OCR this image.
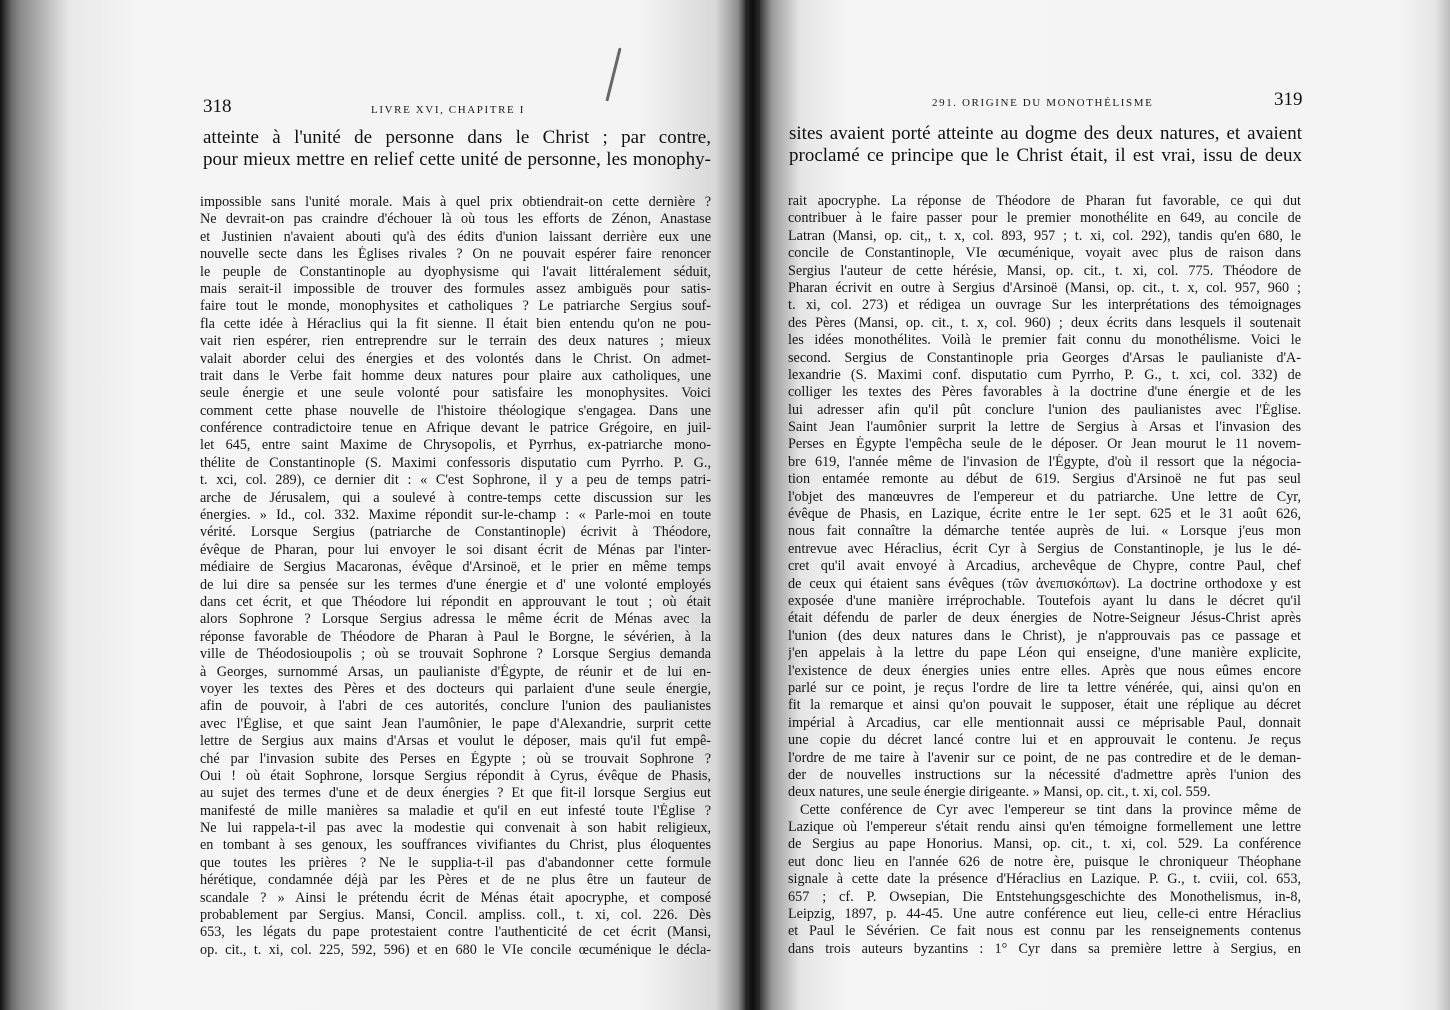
318	LIVRE XVI, CHAPITRE I
atteinte à l'unité de personne dans le Christ ; par contre,
pour mieux mettre en relief cette unité de personne, les monophy-
impossible sans l'unité morale. Mais à quel prix obtiendrait-on cette dernière ?
Ne devrait-on pas craindre d'échouer là où tous les efforts de Zénon, Anastase
et Justinien n'avaient abouti qu'à des édits d'union laissant derrière eux une
nouvelle secte dans les Églises rivales ? On ne pouvait espérer faire renoncer
le peuple de Constantinople au dyophysisme qui l'avait littéralement séduit,
mais serait-il impossible de trouver des formules assez ambiguës pour satis-
faire tout le monde, monophysites et catholiques ? Le patriarche Sergius souf-
fla cette idée à Héraclius qui la fit sienne. Il était bien entendu qu'on ne pou-
vait rien espérer, rien entreprendre sur le terrain des deux natures ; mieux
valait aborder celui des énergies et des volontés dans le Christ. On admet-
trait dans le Verbe fait homme deux natures pour plaire aux catholiques, une
seule énergie et une seule volonté pour satisfaire les monophysites. Voici
comment cette phase nouvelle de l'histoire théologique s'engagea. Dans une
conférence contradictoire tenue en Afrique devant le patrice Grégoire, en juil-
let 645, entre saint Maxime de Chrysopolis, et Pyrrhus, ex-patriarche mono-
thélite de Constantinople (S. Maximi confessoris disputatio cum Pyrrho. P. G.,
t. xci, col. 289), ce dernier dit : « C'est Sophrone, il y a peu de temps patri-
arche de Jérusalem, qui a soulevé à contre-temps cette discussion sur les
énergies. » Id., col. 332. Maxime répondit sur-le-champ : « Parle-moi en toute
vérité. Lorsque Sergius (patriarche de Constantinople) écrivit à Théodore,
évêque de Pharan, pour lui envoyer le soi disant écrit de Ménas par l'inter-
médiaire de Sergius Macaronas, évêque d'Arsinoë, et le prier en même temps
de lui dire sa pensée sur les termes d'une énergie et d' une volonté employés
dans cet écrit, et que Théodore lui répondit en approuvant le tout ; où était
alors Sophrone ? Lorsque Sergius adressa le même écrit de Ménas avec la
réponse favorable de Théodore de Pharan à Paul le Borgne, le sévérien, à la
ville de Théodosioupolis ; où se trouvait Sophrone ? Lorsque Sergius demanda
à Georges, surnommé Arsas, un paulianiste d'Égypte, de réunir et de lui en-
voyer les textes des Pères et des docteurs qui parlaient d'une seule énergie,
afin de pouvoir, à l'abri de ces autorités, conclure l'union des paulianistes
avec l'Église, et que saint Jean l'aumônier, le pape d'Alexandrie, surprit cette
lettre de Sergius aux mains d'Arsas et voulut le déposer, mais qu'il fut empê-
ché par l'invasion subite des Perses en Égypte ; où se trouvait Sophrone ?
Oui ! où était Sophrone, lorsque Sergius répondit à Cyrus, évêque de Phasis,
au sujet des termes d'une et de deux énergies ? Et que fit-il lorsque Sergius eut
manifesté de mille manières sa maladie et qu'il en eut infesté toute l'Église ?
Ne lui rappela-t-il pas avec la modestie qui convenait à son habit religieux,
en tombant à ses genoux, les souffrances vivifiantes du Christ, plus éloquentes
que toutes les prières ? Ne le supplia-t-il pas d'abandonner cette formule
hérétique, condamnée déjà par les Pères et de ne plus être un fauteur de
scandale ? » Ainsi le prétendu écrit de Ménas était apocryphe, et composé
probablement par Sergius. Mansi, Concil. ampliss. coll., t. xi, col. 226. Dès
653, les légats du pape protestaient contre l'authenticité de cet écrit (Mansi,
op. cit., t. xi, col. 225, 592, 596) et en 680 le VIe concile œcuménique le décla-
291. ORIGINE DU MONOTHÉLISME	319
sites avaient porté atteinte au dogme des deux natures, et avaient
proclamé ce principe que le Christ était, il est vrai, issu de deux
rait apocryphe. La réponse de Théodore de Pharan fut favorable, ce qui dut
contribuer à le faire passer pour le premier monothélite en 649, au concile de
Latran (Mansi, op. cit,, t. x, col. 893, 957 ; t. xi, col. 292), tandis qu'en 680, le
concile de Constantinople, VIe œcuménique, voyait avec plus de raison dans
Sergius l'auteur de cette hérésie, Mansi, op. cit., t. xi, col. 775. Théodore de
Pharan écrivit en outre à Sergius d'Arsinoë (Mansi, op. cit., t. x, col. 957, 960 ;
t. xi, col. 273) et rédigea un ouvrage Sur les interprétations des témoignages
des Pères (Mansi, op. cit., t. x, col. 960) ; deux écrits dans lesquels il soutenait
les idées monothélites. Voilà le premier fait connu du monothélisme. Voici le
second. Sergius de Constantinople pria Georges d'Arsas le paulianiste d'A-
lexandrie (S. Maximi conf. disputatio cum Pyrrho, P. G., t. xci, col. 332) de
colliger les textes des Pères favorables à la doctrine d'une énergie et de les
lui adresser afin qu'il pût conclure l'union des paulianistes avec l'Église.
Saint Jean l'aumônier surprit la lettre de Sergius à Arsas et l'invasion des
Perses en Égypte l'empêcha seule de le déposer. Or Jean mourut le 11 novem-
bre 619, l'année même de l'invasion de l'Égypte, d'où il ressort que la négocia-
tion entamée remonte au début de 619. Sergius d'Arsinoë ne fut pas seul
l'objet des manœuvres de l'empereur et du patriarche. Une lettre de Cyr,
évêque de Phasis, en Lazique, écrite entre le 1er sept. 625 et le 31 août 626,
nous fait connaître la démarche tentée auprès de lui. « Lorsque j'eus mon
entrevue avec Héraclius, écrit Cyr à Sergius de Constantinople, je lus le dé-
cret qu'il avait envoyé à Arcadius, archevêque de Chypre, contre Paul, chef
de ceux qui étaient sans évêques (τῶν ἀνεπισκόπων). La doctrine orthodoxe y est
exposée d'une manière irréprochable. Toutefois ayant lu dans le décret qu'il
était défendu de parler de deux énergies de Notre-Seigneur Jésus-Christ après
l'union (des deux natures dans le Christ), je n'approuvais pas ce passage et
j'en appelais à la lettre du pape Léon qui enseigne, d'une manière explicite,
l'existence de deux énergies unies entre elles. Après que nous eûmes encore
parlé sur ce point, je reçus l'ordre de lire ta lettre vénérée, qui, ainsi qu'on en
fit la remarque et ainsi qu'on pouvait le supposer, était une réplique au décret
impérial à Arcadius, car elle mentionnait aussi ce méprisable Paul, donnait
une copie du décret lancé contre lui et en approuvait le contenu. Je reçus
l'ordre de me taire à l'avenir sur ce point, de ne pas contredire et de le deman-
der de nouvelles instructions sur la nécessité d'admettre après l'union des
deux natures, une seule énergie dirigeante. » Mansi, op. cit., t. xi, col. 559.
Cette conférence de Cyr avec l'empereur se tint dans la province même de
Lazique où l'empereur s'était rendu ainsi qu'en témoigne formellement une lettre
de Sergius au pape Honorius. Mansi, op. cit., t. xi, col. 529. La conférence
eut donc lieu en l'année 626 de notre ère, puisque le chroniqueur Théophane
signale à cette date la présence d'Héraclius en Lazique. P. G., t. cviii, col. 653,
657 ; cf. P. Owsepian, Die Entstehungsgeschichte des Monothelismus, in-8,
Leipzig, 1897, p. 44-45. Une autre conférence eut lieu, celle-ci entre Héraclius
et Paul le Sévérien. Ce fait nous est connu par les renseignements contenus
dans trois auteurs byzantins : 1° Cyr dans sa première lettre à Sergius, en
